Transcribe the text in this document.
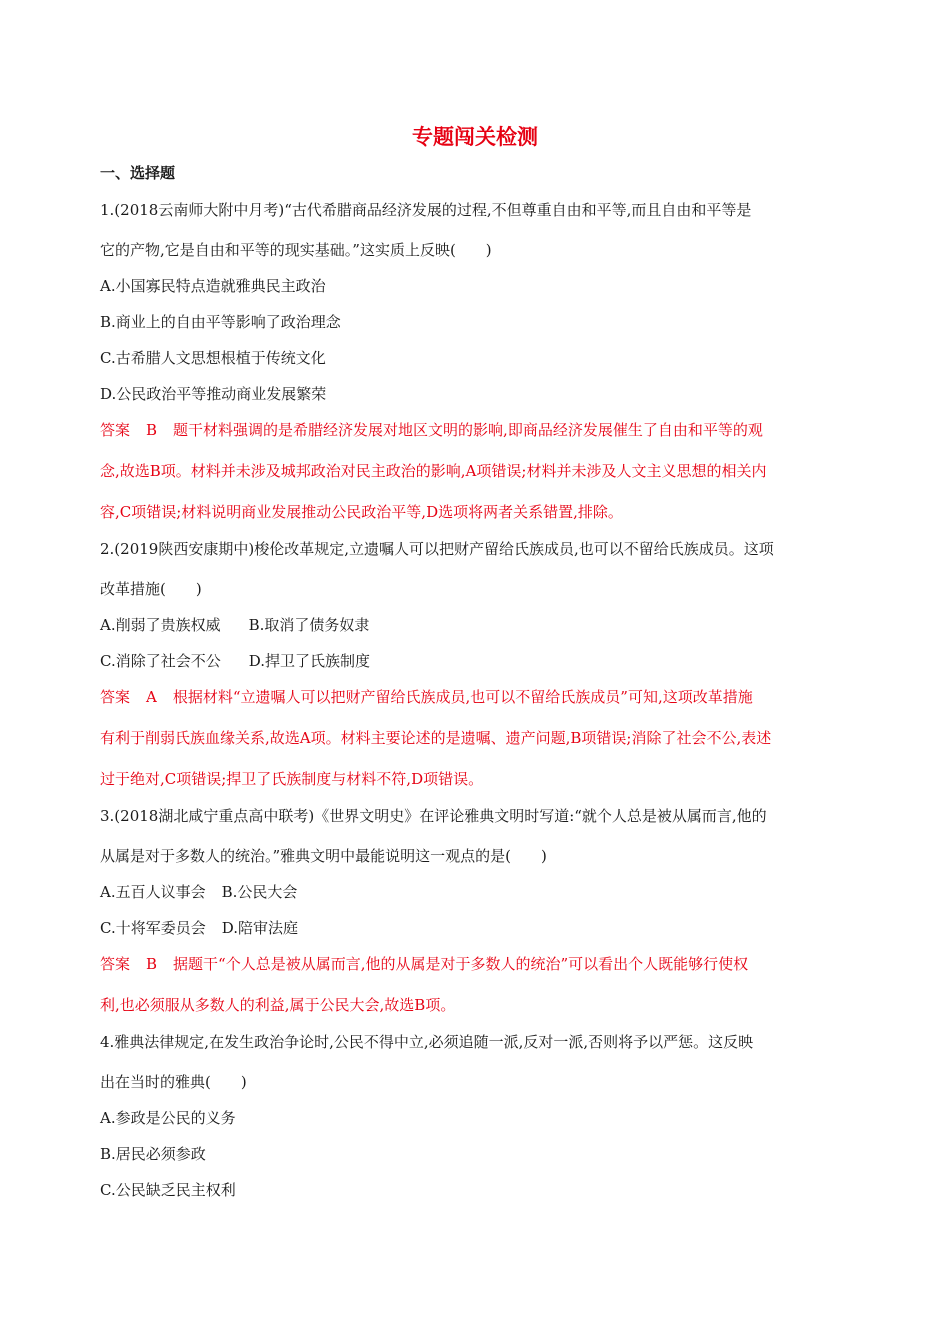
专题闯关检测
一、选择题
1.(2018云南师大附中月考)“古代希腊商品经济发展的过程,不但尊重自由和平等,而且自由和平等是
它的产物,它是自由和平等的现实基础。”这实质上反映(　　)
A.小国寡民特点造就雅典民主政治
B.商业上的自由平等影响了政治理念
C.古希腊人文思想根植于传统文化
D.公民政治平等推动商业发展繁荣
答案 B 题干材料强调的是希腊经济发展对地区文明的影响,即商品经济发展催生了自由和平等的观
念,故选B项。材料并未涉及城邦政治对民主政治的影响,A项错误;材料并未涉及人文主义思想的相关内
容,C项错误;材料说明商业发展推动公民政治平等,D选项将两者关系错置,排除。
2.(2019陕西安康期中)梭伦改革规定,立遗嘱人可以把财产留给氏族成员,也可以不留给氏族成员。这项
改革措施(　　)
A.削弱了贵族权威 B.取消了债务奴隶
C.消除了社会不公 D.捍卫了氏族制度
答案 A 根据材料“立遗嘱人可以把财产留给氏族成员,也可以不留给氏族成员”可知,这项改革措施
有利于削弱氏族血缘关系,故选A项。材料主要论述的是遗嘱、遗产问题,B项错误;消除了社会不公,表述
过于绝对,C项错误;捍卫了氏族制度与材料不符,D项错误。
3.(2018湖北咸宁重点高中联考)《世界文明史》在评论雅典文明时写道:“就个人总是被从属而言,他的
从属是对于多数人的统治。”雅典文明中最能说明这一观点的是(　　)
A.五百人议事会 B.公民大会
C.十将军委员会 D.陪审法庭
答案 B 据题干“个人总是被从属而言,他的从属是对于多数人的统治”可以看出个人既能够行使权
利,也必须服从多数人的利益,属于公民大会,故选B项。
4.雅典法律规定,在发生政治争论时,公民不得中立,必须追随一派,反对一派,否则将予以严惩。这反映
出在当时的雅典(　　)
A.参政是公民的义务
B.居民必须参政
C.公民缺乏民主权利
